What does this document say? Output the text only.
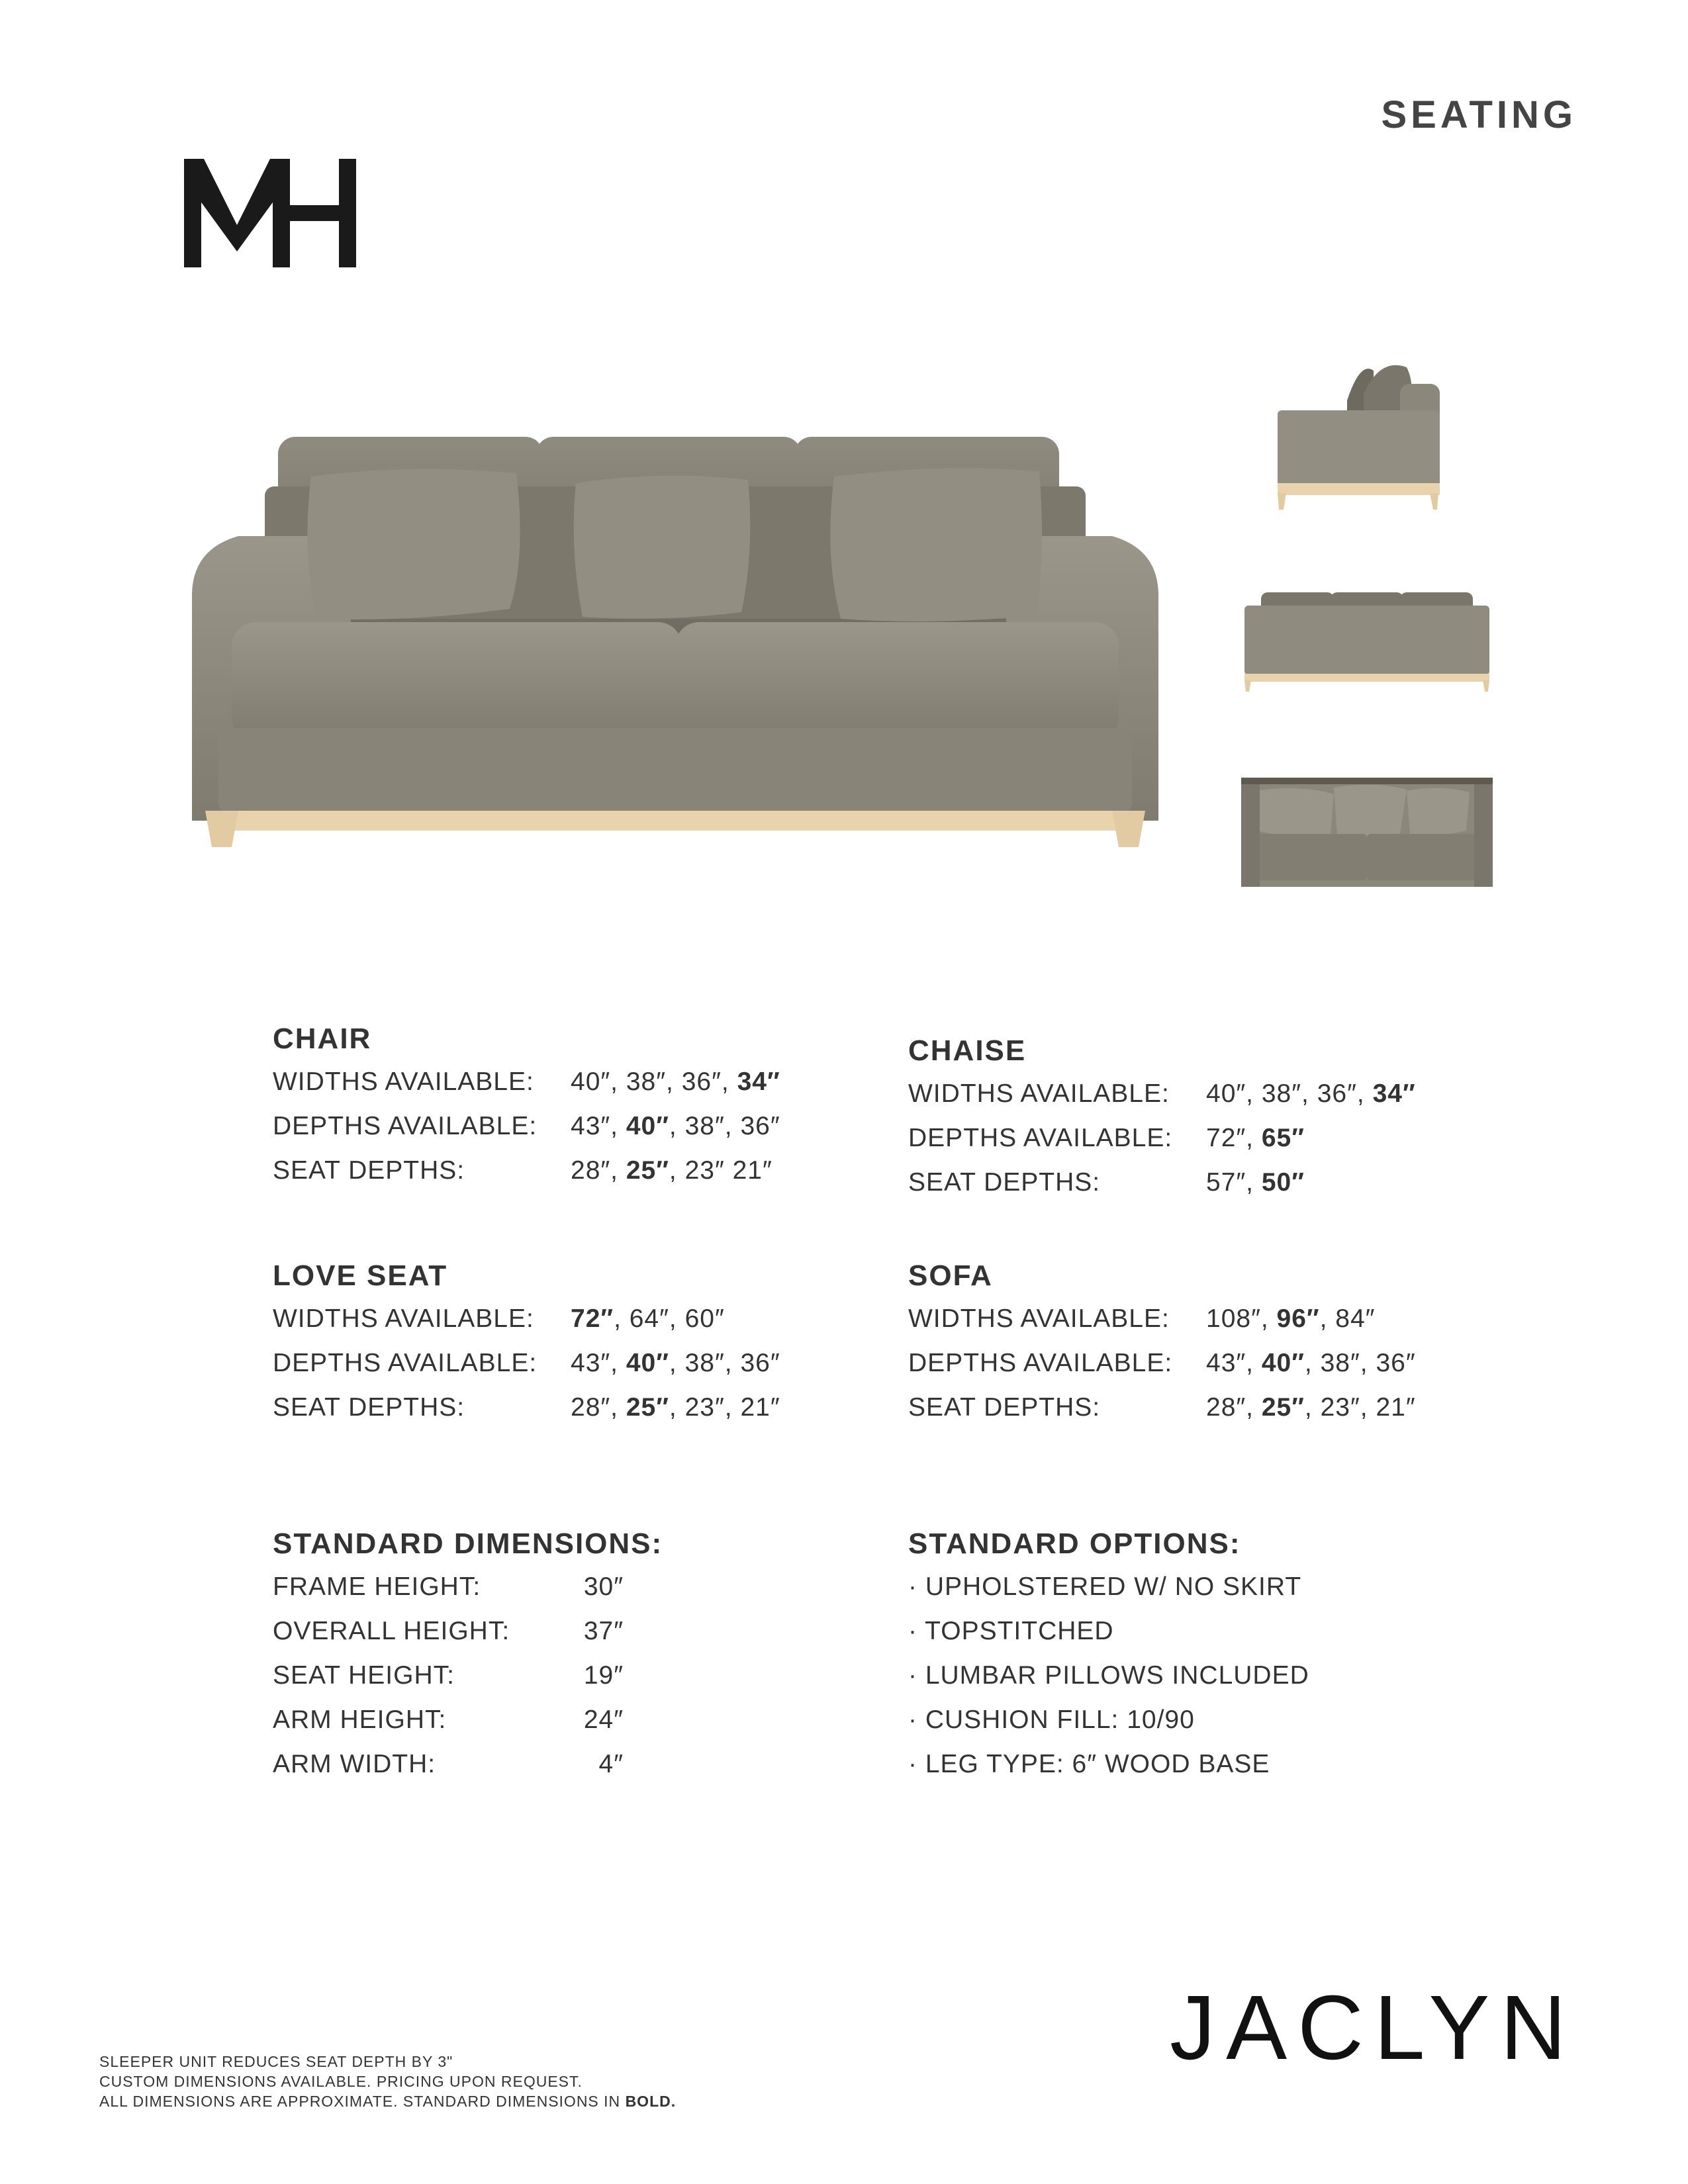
SEATING
CHAIR
WIDTHS AVAILABLE:	40″, 38″, 36″, 34″
DEPTHS AVAILABLE:	43″, 40″, 38″, 36″
SEAT DEPTHS:	28″, 25″, 23″ 21″
CHAISE
WIDTHS AVAILABLE:	40″, 38″, 36″, 34″
DEPTHS AVAILABLE:	72″, 65″
SEAT DEPTHS:	57″, 50″
LOVE SEAT
WIDTHS AVAILABLE:	72″, 64″, 60″
DEPTHS AVAILABLE:	43″, 40″, 38″, 36″
SEAT DEPTHS:	28″, 25″, 23″, 21″
SOFA
WIDTHS AVAILABLE:	108″, 96″, 84″
DEPTHS AVAILABLE:	43″, 40″, 38″, 36″
SEAT DEPTHS:	28″, 25″, 23″, 21″
STANDARD DIMENSIONS:
FRAME HEIGHT:	30″
OVERALL HEIGHT:	37″
SEAT HEIGHT:	19″
ARM HEIGHT:	24″
ARM WIDTH:	4″
STANDARD OPTIONS:
· UPHOLSTERED W/ NO SKIRT
· TOPSTITCHED
· LUMBAR PILLOWS INCLUDED
· CUSHION FILL: 10/90
· LEG TYPE: 6″ WOOD BASE
SLEEPER UNIT REDUCES SEAT DEPTH BY 3"
CUSTOM DIMENSIONS AVAILABLE. PRICING UPON REQUEST.
ALL DIMENSIONS ARE APPROXIMATE. STANDARD DIMENSIONS IN BOLD.
JACLYN
